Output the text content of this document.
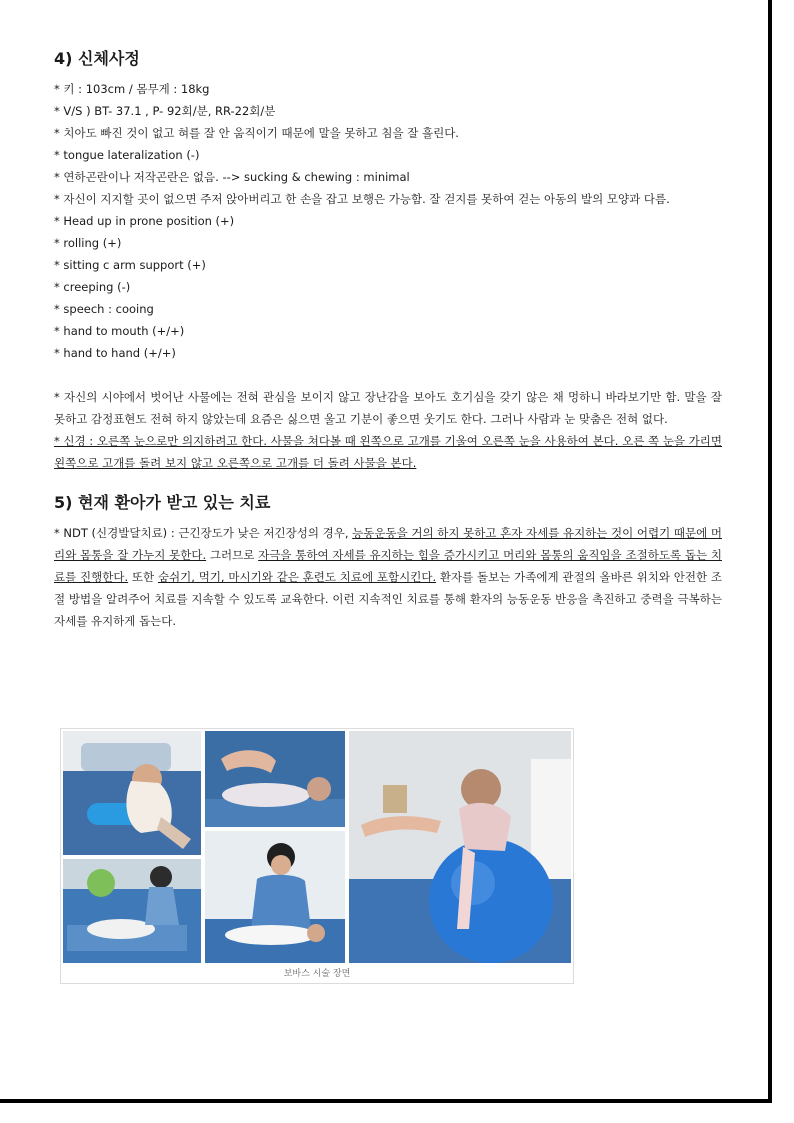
4) 신체사정

* 키 : 103cm / 몸무게 : 18kg

* V/S ) BT- 37.1 , P- 92회/분, RR-22회/분

* 치아도 빠진 것이 없고 혀를 잘 안 움직이기 때문에 말을 못하고 침을 잘 흘린다.

* tongue lateralization (-)

* 연하곤란이나 저작곤란은 없음. --> sucking & chewing : minimal

* 자신이 지지할 곳이 없으면 주저 앉아버리고 한 손을 잡고 보행은 가능함. 잘 걷지를 못하여 걷는 아동의 발의 모양과 다름.

* Head up in prone position (+)

* rolling (+)

* sitting c arm support (+)

* creeping (-)

* speech : cooing

* hand to mouth (+/+)

* hand to hand (+/+)

* 자신의 시야에서 벗어난 사물에는 전혀 관심을 보이지 않고 장난감을 보아도 호기심을 갖기 않은 채 멍하니 바라보기만 함. 말을 잘 못하고 감정표현도 전혀 하지 않았는데 요즘은 싫으면 울고 기분이 좋으면 웃기도 한다. 그러나 사람과 눈 맞춤은 전혀 없다.

* 신경 : 오른쪽 눈으로만 의지하려고 한다. 사물을 쳐다볼 때 왼쪽으로 고개를 기울여 오른쪽 눈을 사용하여 본다. 오른 쪽 눈을 가리면 왼쪽으로 고개를 돌려 보지 않고 오른쪽으로 고개를 더 돌려 사물을 본다.

5) 현재 환아가 받고 있는 치료

* NDT (신경발달치료) : 근긴장도가 낮은 저긴장성의 경우, 능동운동을 거의 하지 못하고 혼자 자세를 유지하는 것이 어렵기 때문에 머리와 몸통을 잘 가누지 못한다. 그러므로 자극을 통하여 자세를 유지하는 힘을 증가시키고 머리와 몸통의 움직임을 조절하도록 돕는 치료를 진행한다. 또한 숨쉬기, 먹기, 마시기와 같은 훈련도 치료에 포함시킨다. 환자를 돌보는 가족에게 관절의 올바른 위치와 안전한 조절 방법을 알려주어 치료를 지속할 수 있도록 교육한다. 이런 지속적인 치료를 통해 환자의 능동운동 반응을 촉진하고 중력을 극복하는 자세를 유지하게 돕는다.

보바스 시술 장면
